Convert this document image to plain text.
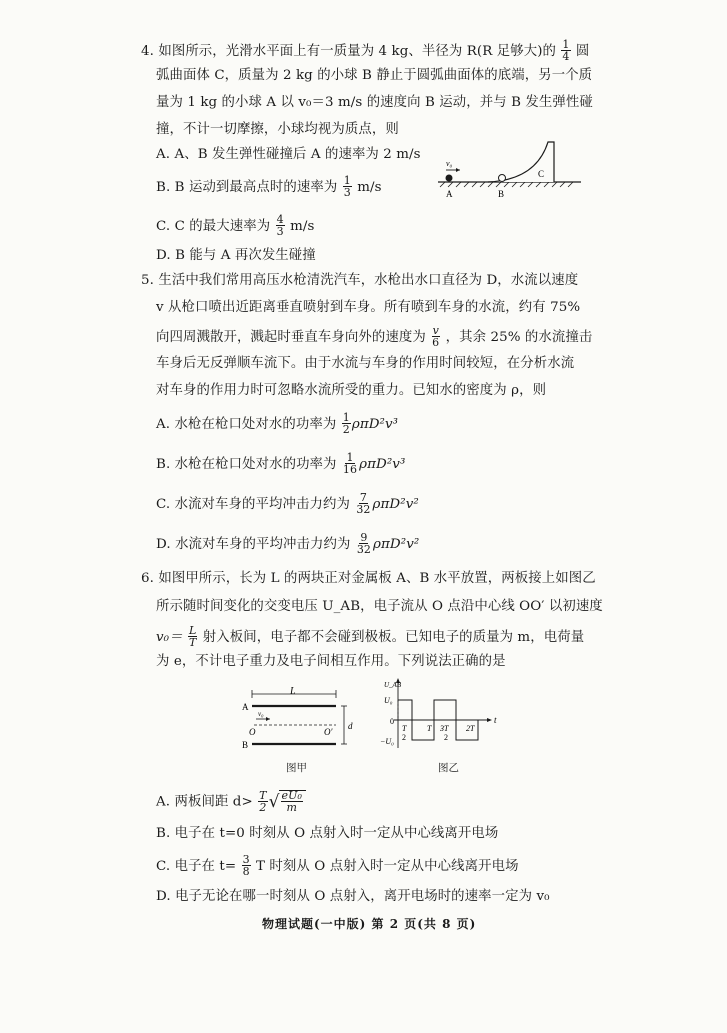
4. 如图所示，光滑水平面上有一质量为 4 kg、半径为 R(R 足够大)的 $\frac{1}{4}$ 圆
弧曲面体 C，质量为 2 kg 的小球 B 静止于圆弧曲面体的底端，另一个质
量为 1 kg 的小球 A 以 v₀＝3 m/s 的速度向 B 运动，并与 B 发生弹性碰
撞，不计一切摩擦，小球均视为质点，则
A. A、B 发生弹性碰撞后 A 的速率为 2 m/s
B. B 运动到最高点时的速率为 $\frac{1}{3} m/s$
C. C 的最大速率为 $\frac{4}{3} m/s$
D. B 能与 A 再次发生碰撞
v₀
A	B
C
5. 生活中我们常用高压水枪清洗汽车，水枪出水口直径为 D，水流以速度
v 从枪口喷出近距离垂直喷射到车身。所有喷到车身的水流，约有 75%
向四周溅散开，溅起时垂直车身向外的速度为 $\frac{v}{6}$ ，其余 25% 的水流撞击
车身后无反弹顺车流下。由于水流与车身的作用时间较短，在分析水流
对车身的作用力时可忽略水流所受的重力。已知水的密度为 ρ，则
A. 水枪在枪口处对水的功率为 $\frac{1}{2} \rho\pi D^2v^3$
B. 水枪在枪口处对水的功率为 $\frac{1}{16} \rho\pi D^2v^3$
C. 水流对车身的平均冲击力约为 $\frac{7}{32} \rho\pi D^2v^2$
D. 水流对车身的平均冲击力约为 $\frac{9}{32} \rho\pi D^2v^2$
6. 如图甲所示，长为 L 的两块正对金属板 A、B 水平放置，两板接上如图乙
所示随时间变化的交变电压 U_AB，电子流从 O 点沿中心线 OO′ 以初速度
$v_0= \frac{L}{T}$ 射入板间，电子都不会碰到极板。已知电子的质量为 m，电荷量
为 e，不计电子重力及电子间相互作用。下列说法正确的是
L
A
B
v₀
O	O′
d
图甲
U_AB
U₀
0
−U₀
t
T
2
T 3T
2
2T
图乙
A. 两板间距 $d> \frac{T}{2}$ √ $\frac{\text{eU₀}}{m}$
B. 电子在 t=0 时刻从 O 点射入时一定从中心线离开电场
C. 电子在 $t= \frac{3}{8}$ T 时刻从 O 点射入时一定从中心线离开电场
D. 电子无论在哪一时刻从 O 点射入，离开电场时的速率一定为 v₀
物理试题(一中版) 第 2 页(共 8 页)
